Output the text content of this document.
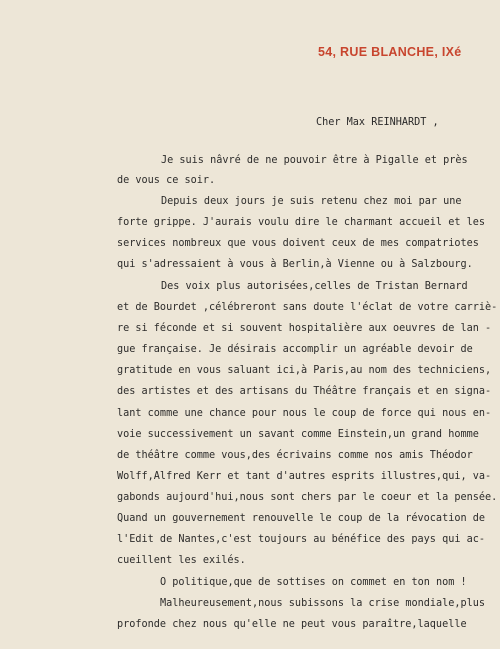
54, RUE BLANCHE, IXé
Cher Max REINHARDT ,
Je suis nâvré de ne pouvoir être à Pigalle et près
de vous ce soir.
Depuis deux jours je suis retenu chez moi par une
forte grippe. J'aurais voulu dire le charmant accueil et les
services nombreux que vous doivent ceux de mes compatriotes
qui s'adressaient à vous à Berlin,à Vienne ou à Salzbourg.
Des voix plus autorisées,celles de Tristan Bernard
et de Bourdet ,célébreront sans doute l'éclat de votre carriè-
re si féconde et si souvent hospitalière aux oeuvres de lan -
gue française. Je désirais accomplir un agréable devoir de
gratitude en vous saluant ici,à Paris,au nom des techniciens,
des artistes et des artisans du Théâtre français et en signa-
lant comme une chance pour nous le coup de force qui nous en-
voie successivement un savant comme Einstein,un grand homme
de théâtre comme vous,des écrivains comme nos amis Théodor
Wolff,Alfred Kerr et tant d'autres esprits illustres,qui, va-
gabonds aujourd'hui,nous sont chers par le coeur et la pensée.
Quand un gouvernement renouvelle le coup de la révocation de
l'Edit de Nantes,c'est toujours au bénéfice des pays qui ac-
cueillent les exilés.
O politique,que de sottises on commet en ton nom !
Malheureusement,nous subissons la crise mondiale,plus
profonde chez nous qu'elle ne peut vous paraître,laquelle
